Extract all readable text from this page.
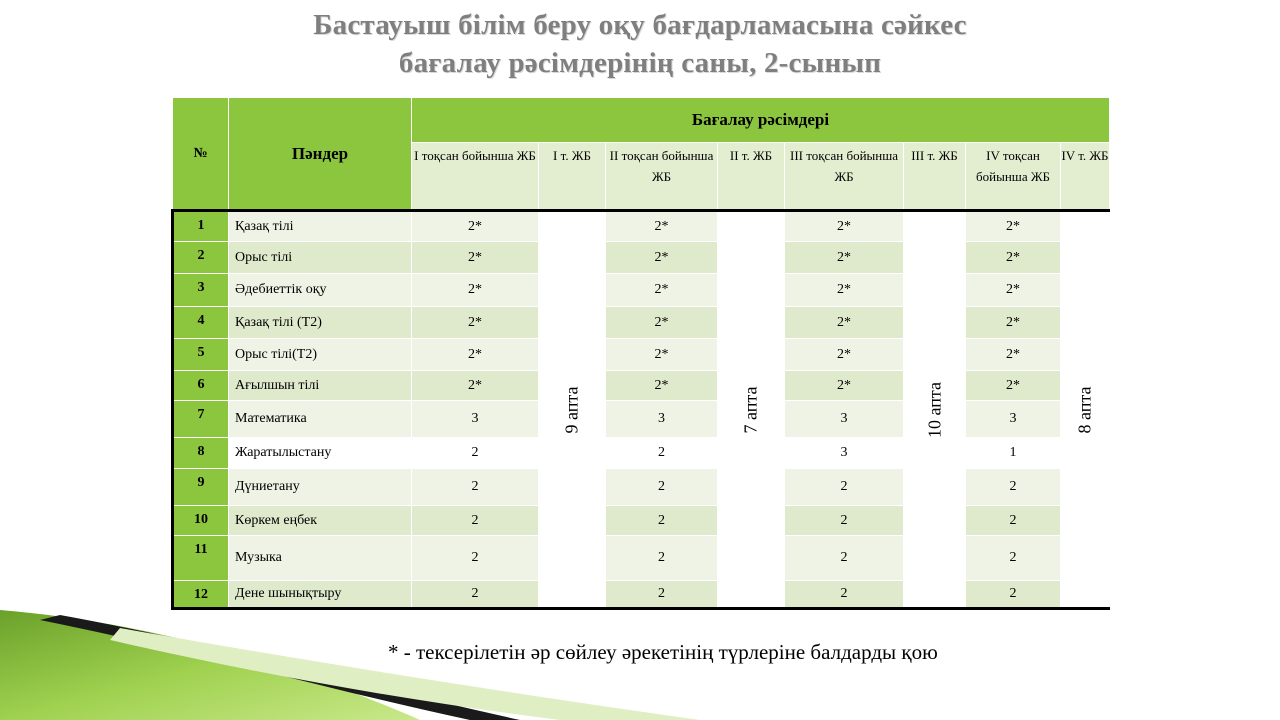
Бастауыш білім беру оқу бағдарламасына сәйкес
бағалау рәсімдерінің саны, 2-сынып
№	Пәндер	Бағалау рәсімдері							
		I тоқсан бойынша ЖБ	I т. ЖБ	II тоқсан бойынша ЖБ	II т. ЖБ	III тоқсан бойынша ЖБ	III т. ЖБ	IV тоқсан бойынша ЖБ	IV т. ЖБ
1	Қазақ тілі	2*	9 апта	2*	7 апта	2*	10 апта	2*	8 апта

2	Орыс тілі	2*		2*		2*		2*	
3	Әдебиеттік оқу	2*		2*		2*		2*	
4	Қазақ тілі (Т2)	2*		2*		2*		2*	
5	Орыс тілі(Т2)	2*		2*		2*		2*	
6	Ағылшын тілі	2*		2*		2*		2*	
7	Математика	3		3		3		3	
8	Жаратылыстану	2		2		3		1	
9	Дүниетану	2		2		2		2	
10	Көркем еңбек	2		2		2		2	
11	Музыка	2		2		2		2	
12	Дене шынықтыру	2		2		2		2	
* - тексерілетін әр сөйлеу әрекетінің түрлеріне балдарды қою
